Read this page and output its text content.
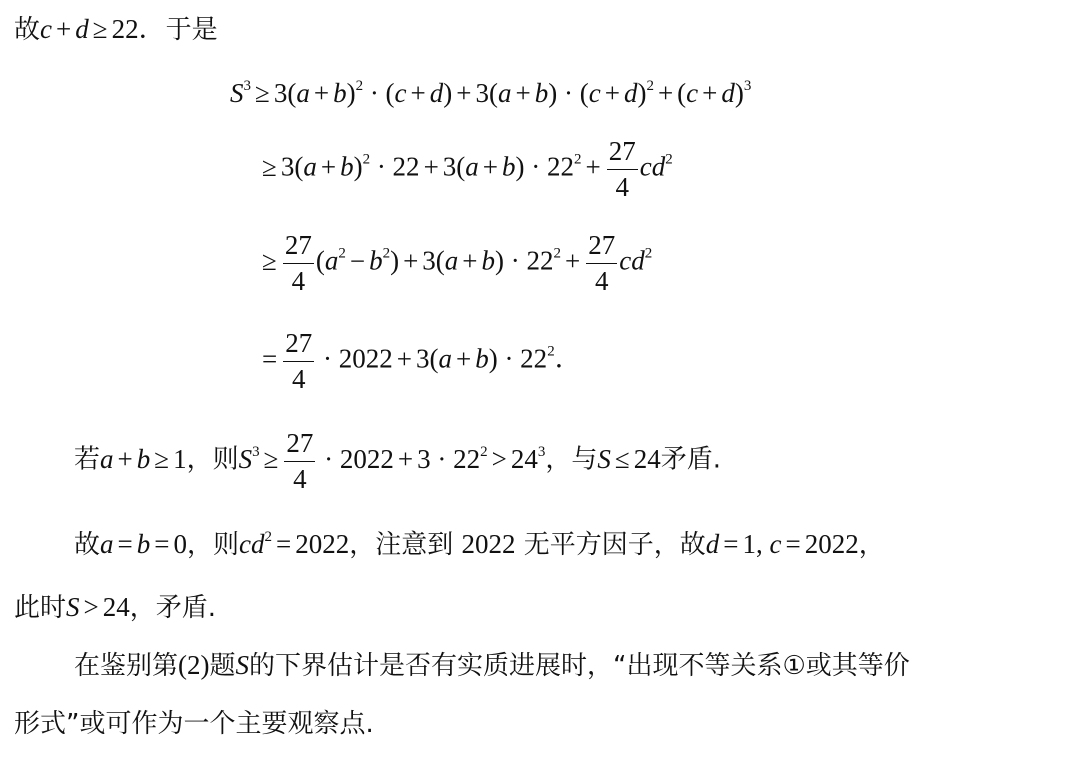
故c + d ≥ 22．于是
$S^3 \ge 3(a + b)^2 \cdot (c + d) + 3(a + b) \cdot (c + d)^2 + (c + d)^3$
≥ $3(a + b)^2 \cdot 22 + 3(a + b) \cdot 22^2 + \frac{27}{4} cd^2$
≥ $\frac{27}{4} (a^2 - b^2) + 3(a + b) \cdot 22^2 + \frac{27}{4} cd^2$
= $\frac{27}{4} \cdot 2022 + 3(a + b) \cdot 22^2$．
若a + b ≥ 1，则$S^3 \ge \frac{27}{4} \cdot 2022 + 3 \cdot 22^2 > 24^3$，与S ≤ 24矛盾.
故a = b = 0，则$cd^2 = 2022$，注意到 2022 无平方因子，故d = 1, c = 2022，
此时S > 24，矛盾.
在鉴别第(2)题S的下界估计是否有实质进展时，“出现不等关系①或其等价
形式”或可作为一个主要观察点.
